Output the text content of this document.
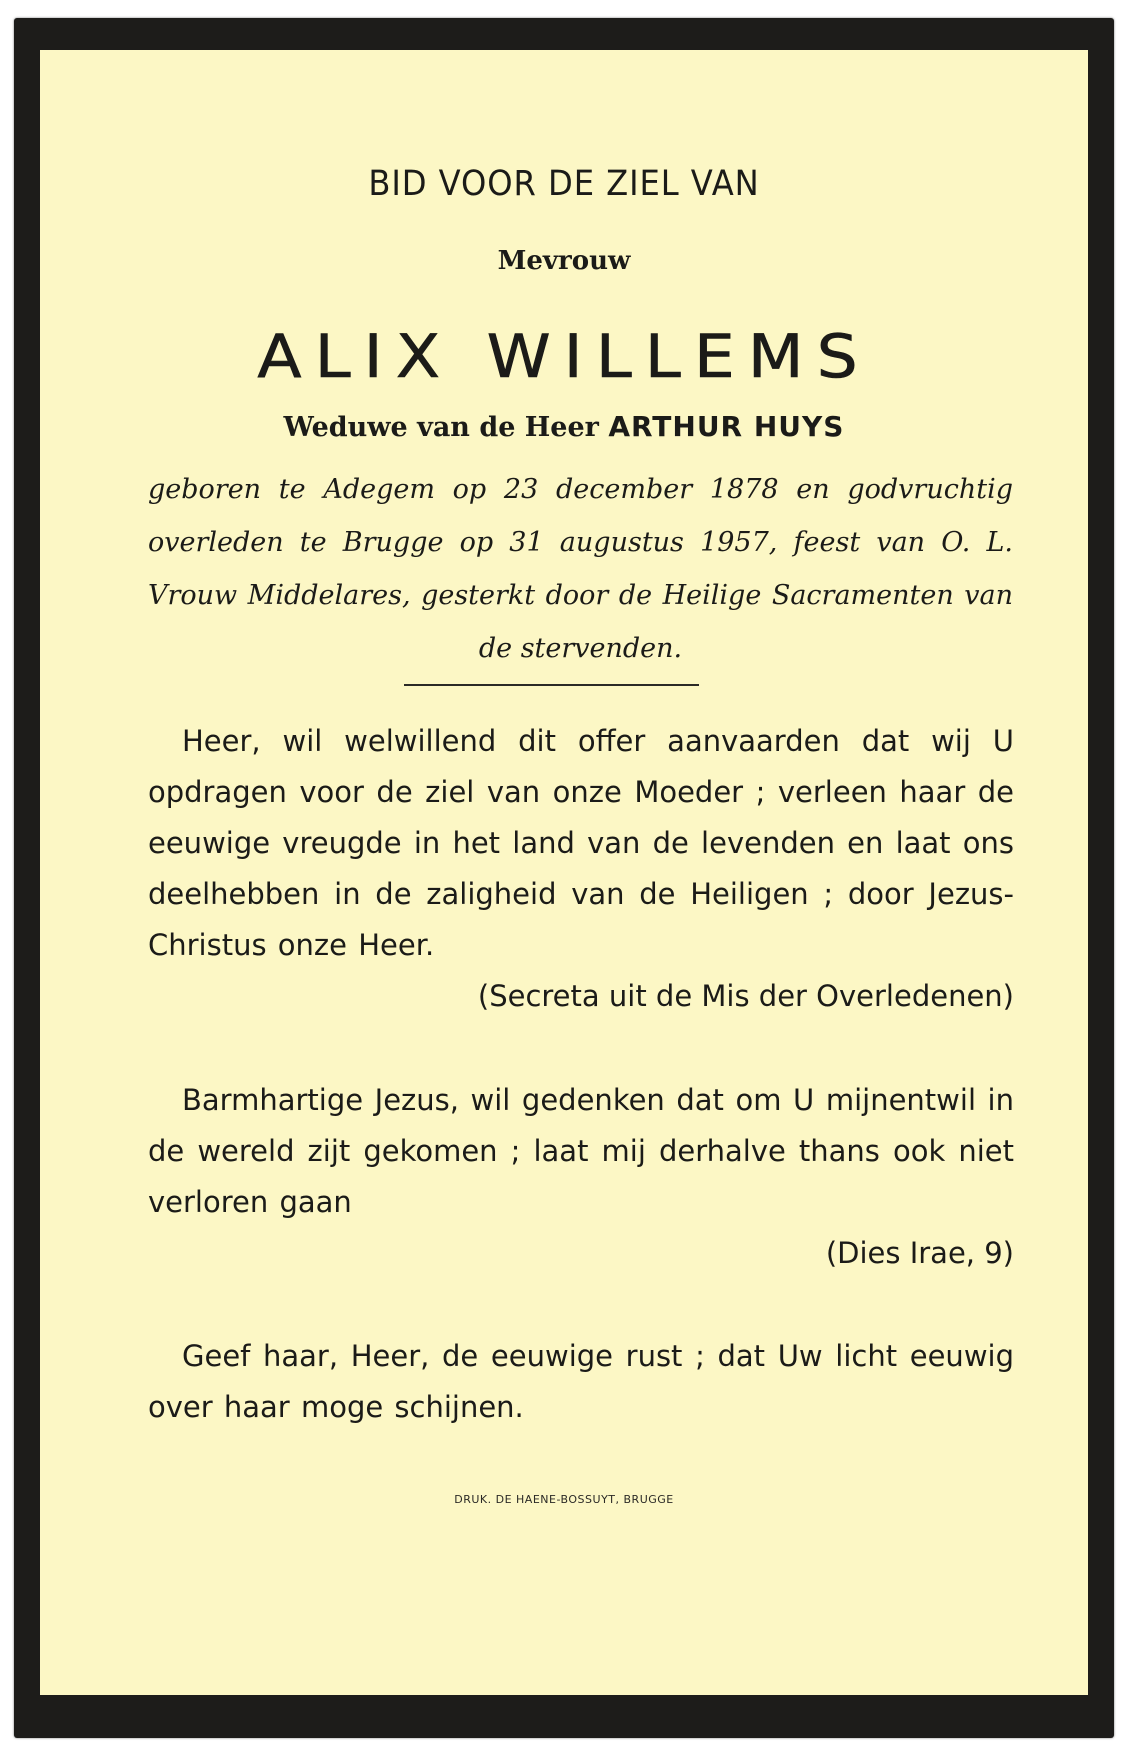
BID VOOR DE ZIEL VAN

Mevrouw

ALIX WILLEMS

Weduwe van de Heer ARTHUR HUYS

geboren te Adegem op 23 december 1878 en godvruchtig overleden te Brugge op 31 augustus 1957, feest van O. L. Vrouw Middelares, gesterkt door de Heilige Sacramenten van de stervenden.

Heer, wil welwillend dit offer aanvaarden dat wij U opdragen voor de ziel van onze Moeder ; verleen haar de eeuwige vreugde in het land van de levenden en laat ons deelhebben in de zaligheid van de Heiligen ; door Jezus-Christus onze Heer.

(Secreta uit de Mis der Overledenen)

Barmhartige Jezus, wil gedenken dat om U mijnentwil in de wereld zijt gekomen ; laat mij derhalve thans ook niet verloren gaan

(Dies Irae, 9)

Geef haar, Heer, de eeuwige rust ; dat Uw licht eeuwig over haar moge schijnen.

DRUK. DE HAENE-BOSSUYT, BRUGGE
